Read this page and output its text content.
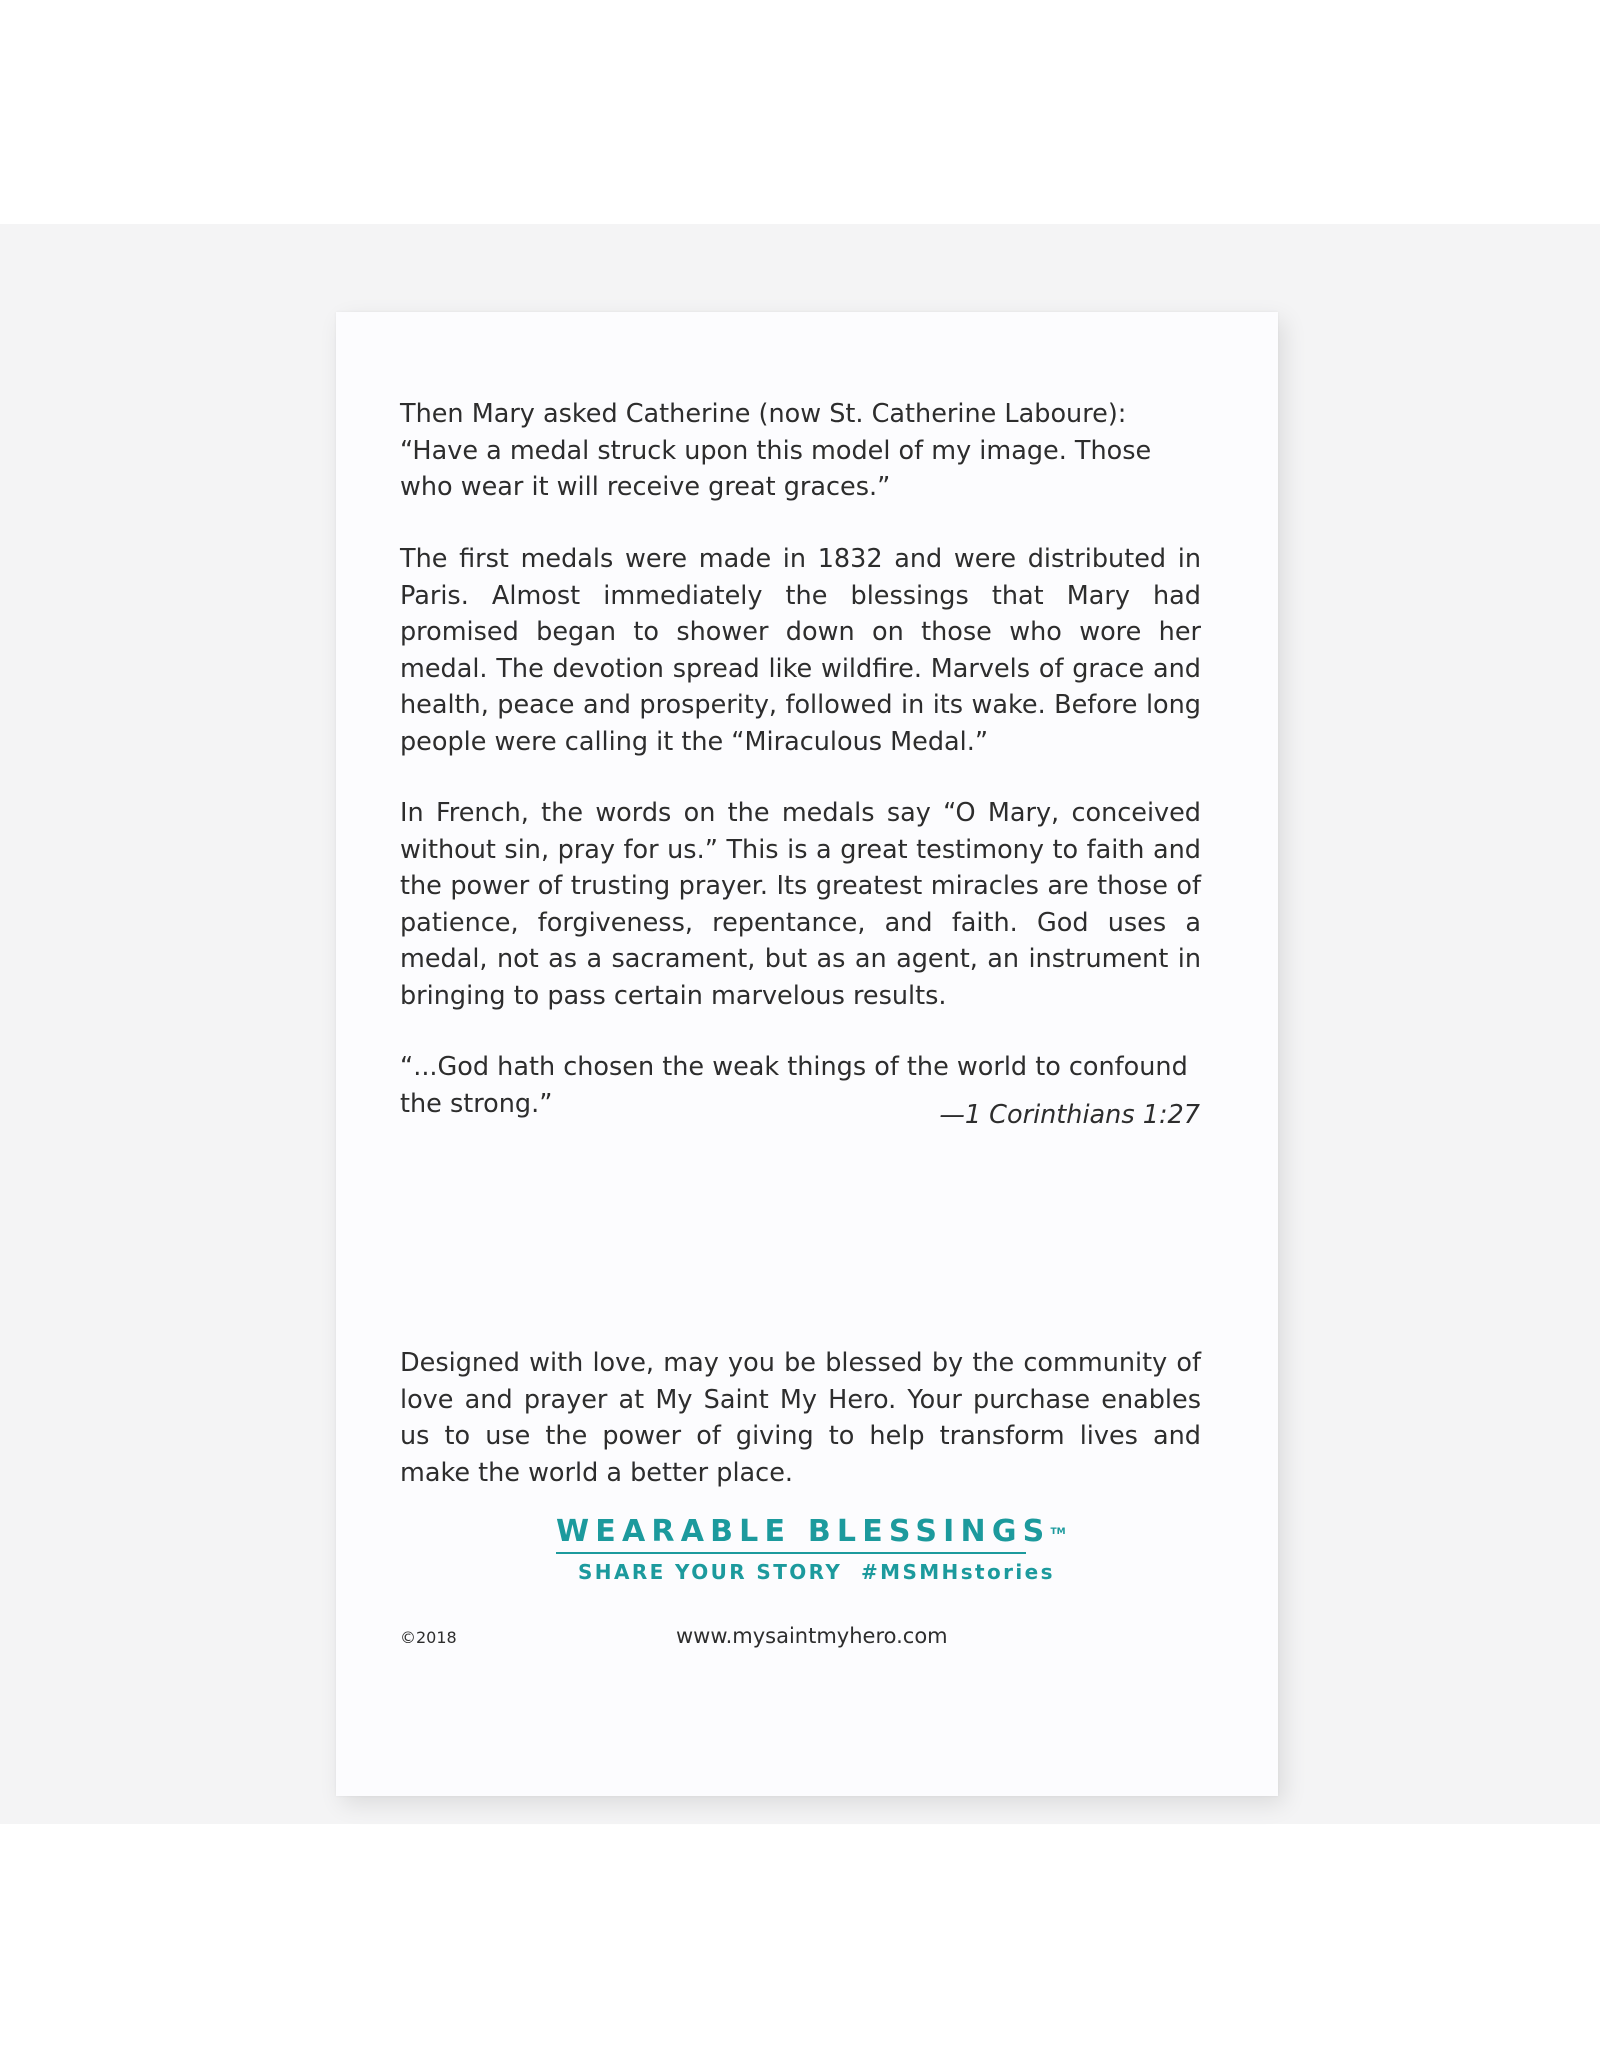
Then Mary asked Catherine (now St. Catherine Laboure): “Have a medal struck upon this model of my image. Those who wear it will receive great graces.”

The first medals were made in 1832 and were distributed in Paris. Almost immediately the blessings that Mary had promised began to shower down on those who wore her medal. The devotion spread like wildfire. Marvels of grace and health, peace and prosperity, followed in its wake. Before long people were calling it the “Miraculous Medal.”

In French, the words on the medals say “O Mary, conceived without sin, pray for us.” This is a great testimony to faith and the power of trusting prayer. Its greatest miracles are those of patience, forgiveness, repentance, and faith. God uses a medal, not as a sacrament, but as an agent, an instrument in bringing to pass certain marvelous results.

“...God hath chosen the weak things of the world to confound the strong.”	—1 Corinthians 1:27

Designed with love, may you be blessed by the community of love and prayer at My Saint My Hero. Your purchase enables us to use the power of giving to help transform lives and make the world a better place.

WEARABLE BLESSINGS™
SHARE YOUR STORY  #MSMHstories
©2018	www.mysaintmyhero.com
